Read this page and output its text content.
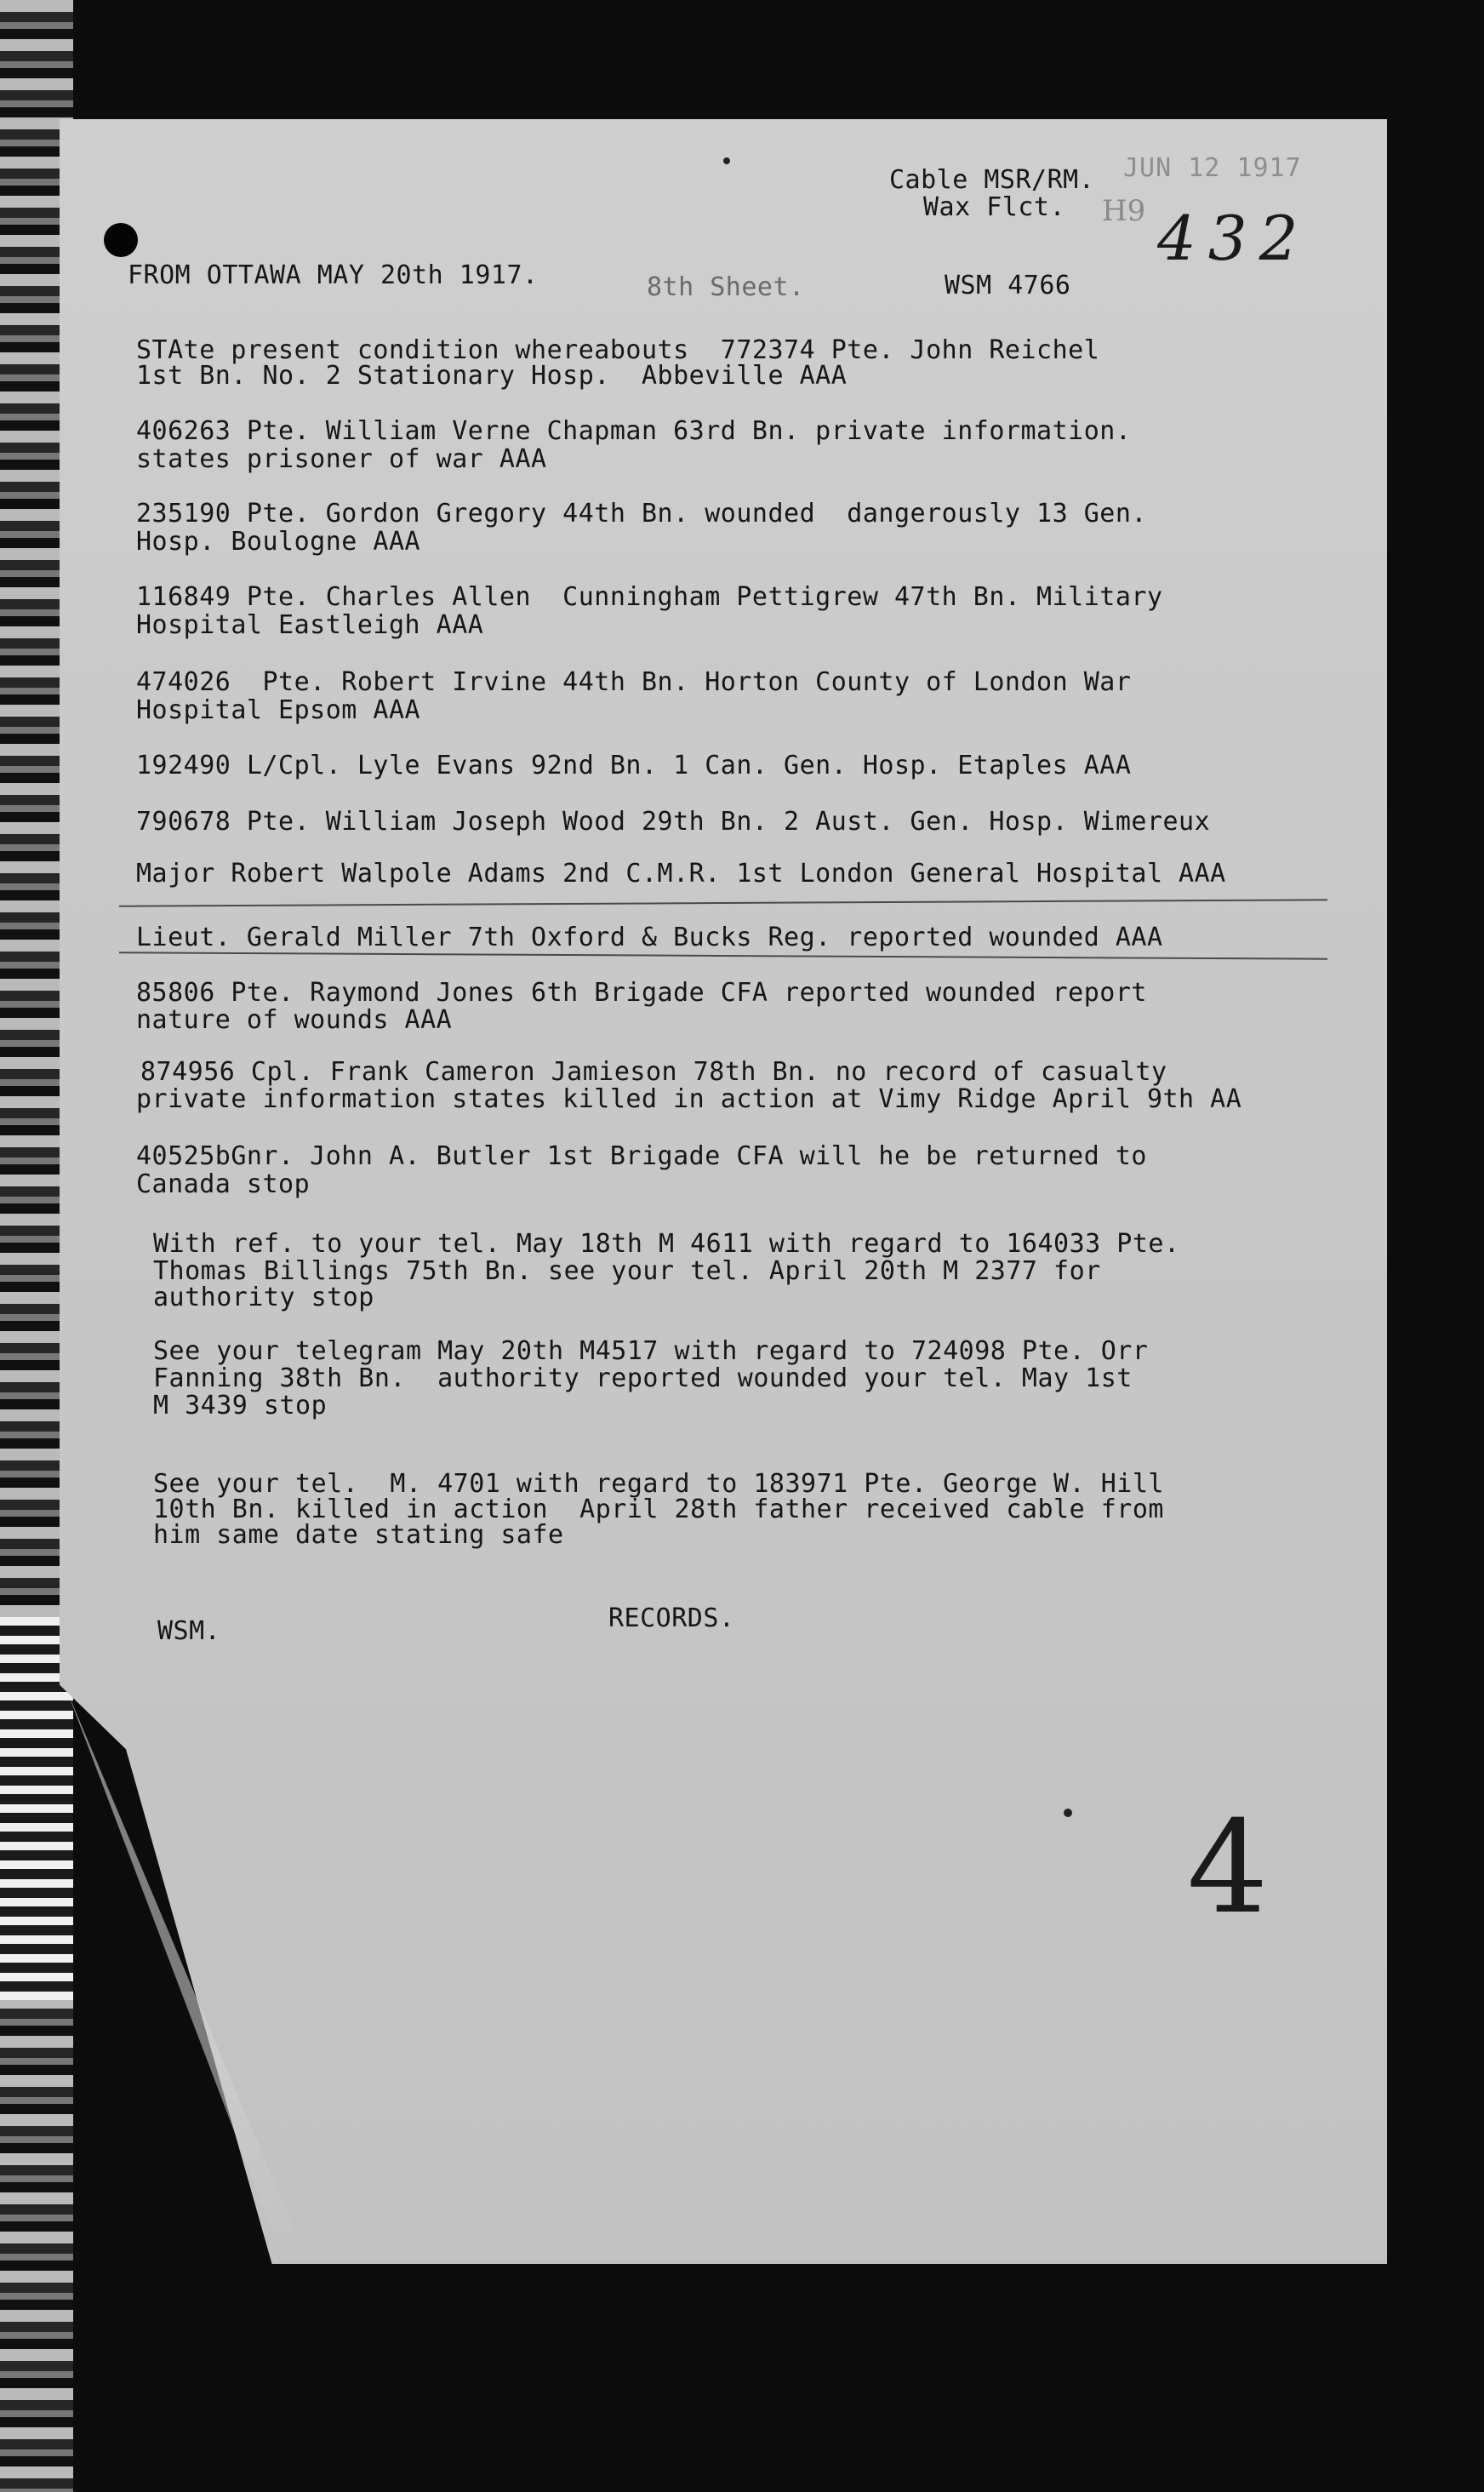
JUN 12 1917

Cable MSR/RM.

Wax Flct. H9 432

FROM OTTAWA MAY 20th 1917.	8th Sheet.	WSM 4766

STAte present condition whereabouts  772374 Pte. John Reichel

1st Bn. No. 2 Stationary Hosp.  Abbeville AAA

406263 Pte. William Verne Chapman 63rd Bn. private information.

states prisoner of war AAA

235190 Pte. Gordon Gregory 44th Bn. wounded  dangerously 13 Gen.

Hosp. Boulogne AAA

116849 Pte. Charles Allen  Cunningham Pettigrew 47th Bn. Military

Hospital Eastleigh AAA

474026  Pte. Robert Irvine 44th Bn. Horton County of London War

Hospital Epsom AAA

192490 L/Cpl. Lyle Evans 92nd Bn. 1 Can. Gen. Hosp. Etaples AAA

790678 Pte. William Joseph Wood 29th Bn. 2 Aust. Gen. Hosp. Wimereux

Major Robert Walpole Adams 2nd C.M.R. 1st London General Hospital AAA

Lieut. Gerald Miller 7th Oxford & Bucks Reg. reported wounded AAA

85806 Pte. Raymond Jones 6th Brigade CFA reported wounded report

nature of wounds AAA

874956 Cpl. Frank Cameron Jamieson 78th Bn. no record of casualty

private information states killed in action at Vimy Ridge April 9th AA

40525bGnr. John A. Butler 1st Brigade CFA will he be returned to

Canada stop

With ref. to your tel. May 18th M 4611 with regard to 164033 Pte.

Thomas Billings 75th Bn. see your tel. April 20th M 2377 for

authority stop

See your telegram May 20th M4517 with regard to 724098 Pte. Orr

Fanning 38th Bn.  authority reported wounded your tel. May 1st

M 3439 stop

See your tel.  M. 4701 with regard to 183971 Pte. George W. Hill

10th Bn. killed in action  April 28th father received cable from

him same date stating safe

WSM.	RECORDS.

4
